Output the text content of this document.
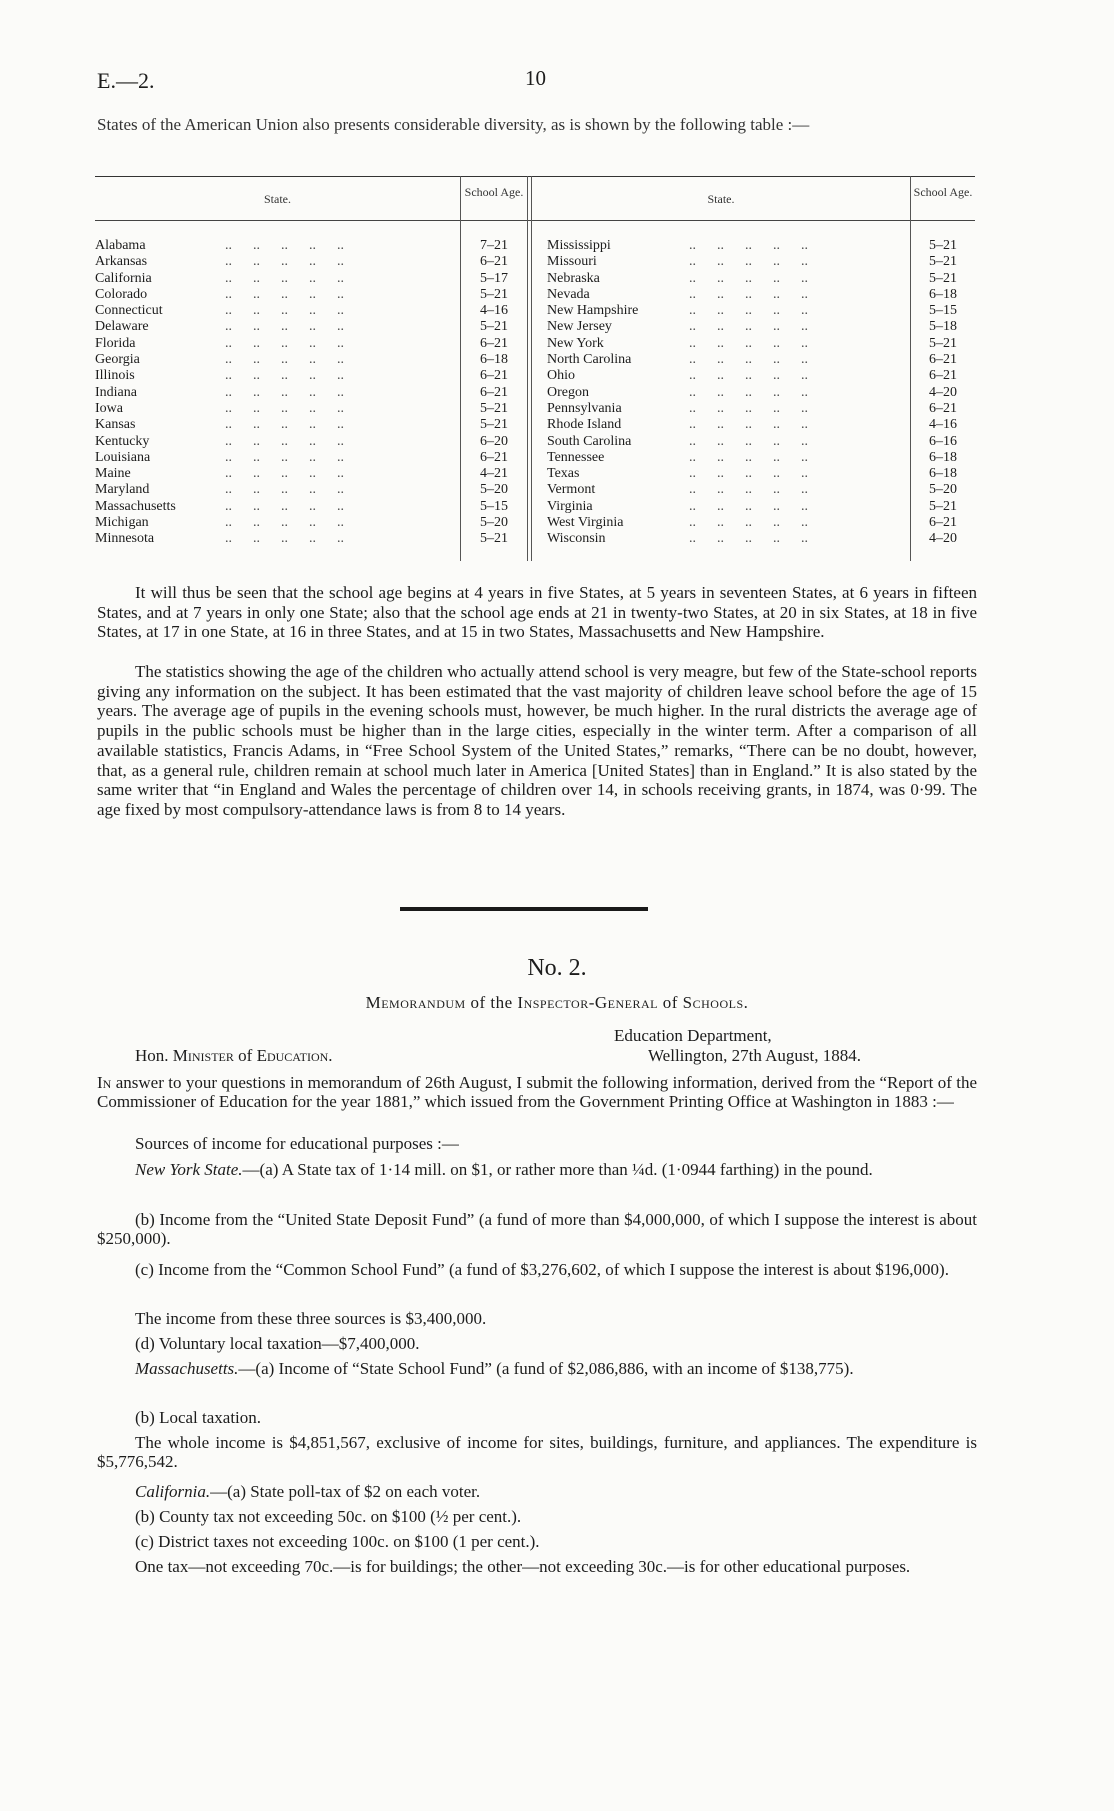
E.—2.	10
States of the American Union also presents considerable diversity, as is shown by the following table :—
State.	School Age.	State.	School Age.
Alabama	..      ..      ..      ..      ..	7–21
Arkansas	..      ..      ..      ..      ..	6–21
California	..      ..      ..      ..      ..	5–17
Colorado	..      ..      ..      ..      ..	5–21
Connecticut	..      ..      ..      ..      ..	4–16
Delaware	..      ..      ..      ..      ..	5–21
Florida	..      ..      ..      ..      ..	6–21
Georgia	..      ..      ..      ..      ..	6–18
Illinois	..      ..      ..      ..      ..	6–21
Indiana	..      ..      ..      ..      ..	6–21
Iowa	..      ..      ..      ..      ..	5–21
Kansas	..      ..      ..      ..      ..	5–21
Kentucky	..      ..      ..      ..      ..	6–20
Louisiana	..      ..      ..      ..      ..	6–21
Maine	..      ..      ..      ..      ..	4–21
Maryland	..      ..      ..      ..      ..	5–20
Massachusetts	..      ..      ..      ..      ..	5–15
Michigan	..      ..      ..      ..      ..	5–20
Minnesota	..      ..      ..      ..      ..	5–21
Mississippi	..      ..      ..      ..      ..	5–21
Missouri	..      ..      ..      ..      ..	5–21
Nebraska	..      ..      ..      ..      ..	5–21
Nevada	..      ..      ..      ..      ..	6–18
New Hampshire	..      ..      ..      ..      ..	5–15
New Jersey	..      ..      ..      ..      ..	5–18
New York	..      ..      ..      ..      ..	5–21
North Carolina	..      ..      ..      ..      ..	6–21
Ohio	..      ..      ..      ..      ..	6–21
Oregon	..      ..      ..      ..      ..	4–20
Pennsylvania	..      ..      ..      ..      ..	6–21
Rhode Island	..      ..      ..      ..      ..	4–16
South Carolina	..      ..      ..      ..      ..	6–16
Tennessee	..      ..      ..      ..      ..	6–18
Texas	..      ..      ..      ..      ..	6–18
Vermont	..      ..      ..      ..      ..	5–20
Virginia	..      ..      ..      ..      ..	5–21
West Virginia	..      ..      ..      ..      ..	6–21
Wisconsin	..      ..      ..      ..      ..	4–20
It will thus be seen that the school age begins at 4 years in five States, at 5 years in seventeen States, at 6 years in fifteen States, and at 7 years in only one State; also that the school age ends at 21 in twenty-two States, at 20 in six States, at 18 in five States, at 17 in one State, at 16 in three States, and at 15 in two States, Massachusetts and New Hampshire.
The statistics showing the age of the children who actually attend school is very meagre, but few of the State-school reports giving any information on the subject. It has been estimated that the vast majority of children leave school before the age of 15 years. The average age of pupils in the evening schools must, however, be much higher. In the rural districts the average age of pupils in the public schools must be higher than in the large cities, especially in the winter term. After a comparison of all available statistics, Francis Adams, in “Free School System of the United States,” remarks, “There can be no doubt, however, that, as a general rule, children remain at school much later in America [United States] than in England.” It is also stated by the same writer that “in England and Wales the percentage of children over 14, in schools receiving grants, in 1874, was 0·99. The age fixed by most compulsory-attendance laws is from 8 to 14 years.
No. 2.
Memorandum of the Inspector-General of Schools.
Education Department,
Hon. Minister of Education.	Wellington, 27th August, 1884.
In answer to your questions in memorandum of 26th August, I submit the following information, derived from the “Report of the Commissioner of Education for the year 1881,” which issued from the Government Printing Office at Washington in 1883 :—
Sources of income for educational purposes :—
New York State.—(a) A State tax of 1·14 mill. on $1, or rather more than ¼d. (1·0944 farthing) in the pound.
(b) Income from the “United State Deposit Fund” (a fund of more than $4,000,000, of which I suppose the interest is about $250,000).
(c) Income from the “Common School Fund” (a fund of $3,276,602, of which I suppose the interest is about $196,000).
The income from these three sources is $3,400,000.
(d) Voluntary local taxation—$7,400,000.
Massachusetts.—(a) Income of “State School Fund” (a fund of $2,086,886, with an income of $138,775).
(b) Local taxation.
The whole income is $4,851,567, exclusive of income for sites, buildings, furniture, and appliances. The expenditure is $5,776,542.
California.—(a) State poll-tax of $2 on each voter.
(b) County tax not exceeding 50c. on $100 (½ per cent.).
(c) District taxes not exceeding 100c. on $100 (1 per cent.).
One tax—not exceeding 70c.—is for buildings; the other—not exceeding 30c.—is for other educational purposes.
